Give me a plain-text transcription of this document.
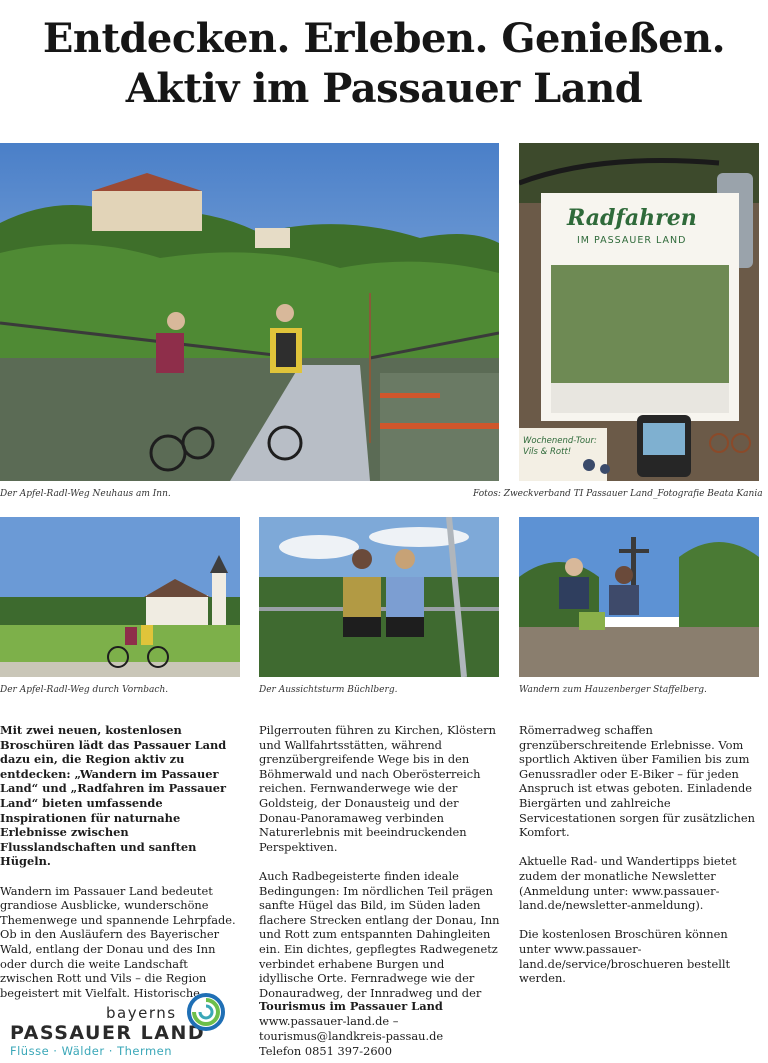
Entdecken. Erleben. Genießen.
Aktiv im Passauer Land
Radfahren
IM PASSAUER LAND
Wochenend-Tour: Vils & Rott!
Der Apfel-Radl-Weg Neuhaus am Inn.	Fotos: Zweckverband TI Passauer Land_Fotografie Beata Kania
Der Apfel-Radl-Weg durch Vornbach.	Der Aussichtsturm Büchlberg.	Wandern zum Hauzenberger Staffelberg.

Mit zwei neuen, kostenlosen Broschüren lädt das Passauer Land dazu ein, die Region aktiv zu entdecken: „Wandern im Passauer Land“ und „Radfahren im Passauer Land“ bieten umfassende Inspirationen für naturnahe Erlebnisse zwischen Flusslandschaften und sanften Hügeln.

Wandern im Passauer Land bedeutet grandiose Ausblicke, wunderschöne Themenwege und spannende Lehrpfade. Ob in den Ausläufern des Bayerischer Wald, entlang der Donau und des Inn oder durch die weite Landschaft zwischen Rott und Vils – die Region begeistert mit Vielfalt. Historische

Pilgerrouten führen zu Kirchen, Klöstern und Wallfahrtsstätten, während grenzübergreifende Wege bis in den Böhmerwald und nach Oberösterreich reichen. Fernwanderwege wie der Goldsteig, der Donausteig und der Donau-Panoramaweg verbinden Naturerlebnis mit beeindruckenden Perspektiven.

Auch Radbegeisterte finden ideale Bedingungen: Im nördlichen Teil prägen sanfte Hügel das Bild, im Süden laden flachere Strecken entlang der Donau, Inn und Rott zum entspannten Dahingleiten ein. Ein dichtes, gepflegtes Radwegenetz verbindet erhabene Burgen und idyllische Orte. Fernradwege wie der Donauradweg, der Innradweg und der

Römerradweg schaffen grenzüberschreitende Erlebnisse. Vom sportlich Aktiven über Familien bis zum Genussradler oder E-Biker – für jeden Anspruch ist etwas geboten. Einladende Biergärten und zahlreiche Servicestationen sorgen für zusätzlichen Komfort.

Aktuelle Rad- und Wandertipps bietet zudem der monatliche Newsletter (Anmeldung unter: www.passauer-land.de/newsletter-anmeldung).

Die kostenlosen Broschüren können unter www.passauer-land.de/service/broschueren bestellt werden.

bayerns
PASSAUER LAND
Flüsse · Wälder · Thermen
Tourismus im Passauer Land
www.passauer-land.de –
tourismus@landkreis-passau.de
Telefon 0851 397-2600
